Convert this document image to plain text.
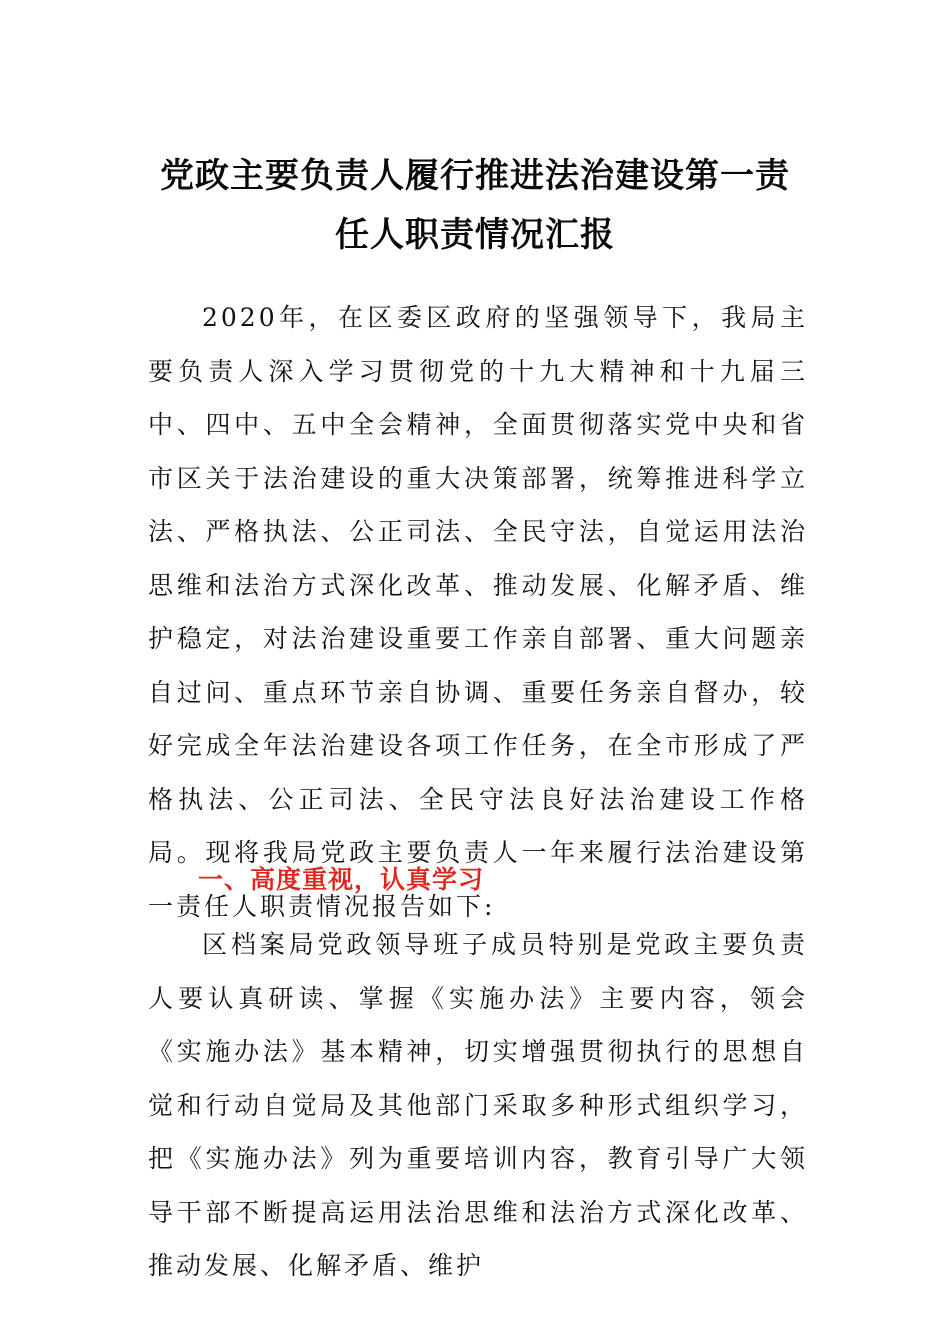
党政主要负责人履行推进法治建设第一责
任人职责情况汇报
2020年，在区委区政府的坚强领导下，我局主要负责人深入学习贯彻党的十九大精神和十九届三中、四中、五中全会精神，全面贯彻落实党中央和省市区关于法治建设的重大决策部署，统筹推进科学立法、严格执法、公正司法、全民守法，自觉运用法治思维和法治方式深化改革、推动发展、化解矛盾、维护稳定，对法治建设重要工作亲自部署、重大问题亲自过问、重点环节亲自协调、重要任务亲自督办，较好完成全年法治建设各项工作任务，在全市形成了严格执法、公正司法、全民守法良好法治建设工作格局。现将我局党政主要负责人一年来履行法治建设第一责任人职责情况报告如下:
一、高度重视，认真学习
区档案局党政领导班子成员特别是党政主要负责人要认真研读、掌握《实施办法》主要内容，领会《实施办法》基本精神，切实增强贯彻执行的思想自觉和行动自觉局及其他部门采取多种形式组织学习，把《实施办法》列为重要培训内容，教育引导广大领导干部不断提高运用法治思维和法治方式深化改革、推动发展、化解矛盾、维护
